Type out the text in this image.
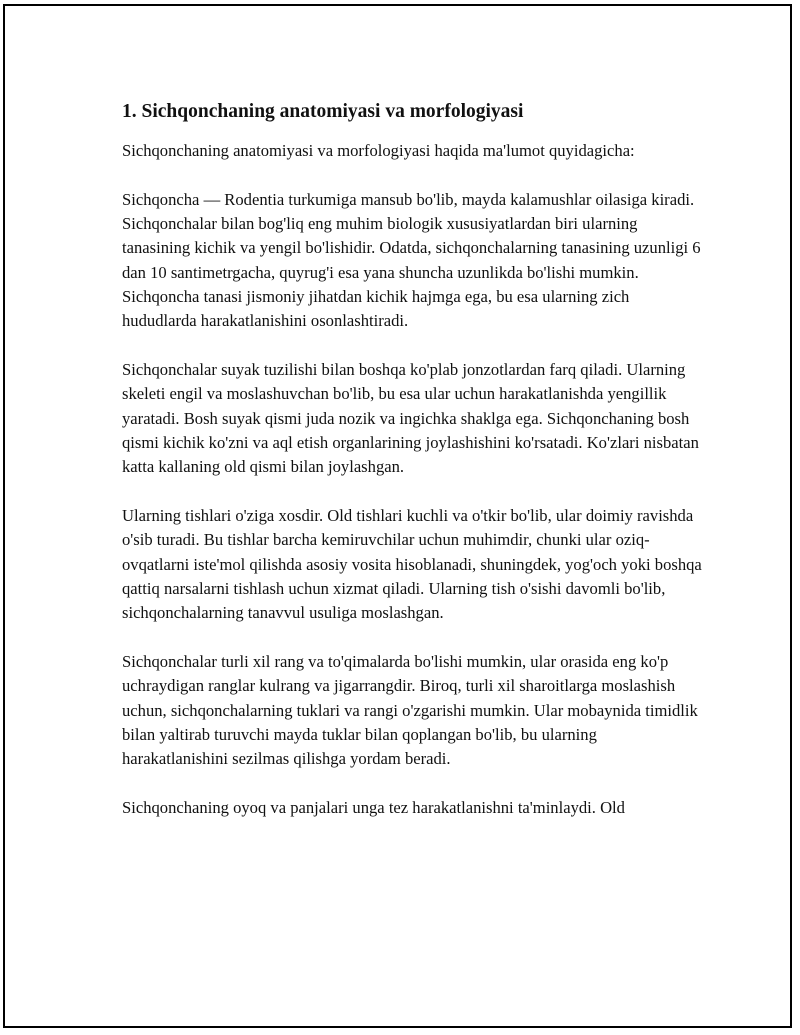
1. Sichqonchaning anatomiyasi va morfologiyasi

Sichqonchaning anatomiyasi va morfologiyasi haqida ma'lumot quyidagicha:

Sichqoncha — Rodentia turkumiga mansub bo'lib, mayda kalamushlar oilasiga kiradi. Sichqonchalar bilan bog'liq eng muhim biologik xususiyatlardan biri ularning tanasining kichik va yengil bo'lishidir. Odatda, sichqonchalarning tanasining uzunligi 6 dan 10 santimetrgacha, quyrug'i esa yana shuncha uzunlikda bo'lishi mumkin. Sichqoncha tanasi jismoniy jihatdan kichik hajmga ega, bu esa ularning zich hududlarda harakatlanishini osonlashtiradi.

Sichqonchalar suyak tuzilishi bilan boshqa ko'plab jonzotlardan farq qiladi. Ularning skeleti engil va moslashuvchan bo'lib, bu esa ular uchun harakatlanishda yengillik yaratadi. Bosh suyak qismi juda nozik va ingichka shaklga ega. Sichqonchaning bosh qismi kichik ko'zni va aql etish organlarining joylashishini ko'rsatadi. Ko'zlari nisbatan katta kallaning old qismi bilan joylashgan.

Ularning tishlari o'ziga xosdir. Old tishlari kuchli va o'tkir bo'lib, ular doimiy ravishda o'sib turadi. Bu tishlar barcha kemiruvchilar uchun muhimdir, chunki ular oziq-ovqatlarni iste'mol qilishda asosiy vosita hisoblanadi, shuningdek, yog'och yoki boshqa qattiq narsalarni tishlash uchun xizmat qiladi. Ularning tish o'sishi davomli bo'lib, sichqonchalarning tanavvul usuliga moslashgan.

Sichqonchalar turli xil rang va to'qimalarda bo'lishi mumkin, ular orasida eng ko'p uchraydigan ranglar kulrang va jigarrangdir. Biroq, turli xil sharoitlarga moslashish uchun, sichqonchalarning tuklari va rangi o'zgarishi mumkin. Ular mobaynida timidlik bilan yaltirab turuvchi mayda tuklar bilan qoplangan bo'lib, bu ularning harakatlanishini sezilmas qilishga yordam beradi.

Sichqonchaning oyoq va panjalari unga tez harakatlanishni ta'minlaydi. Old
